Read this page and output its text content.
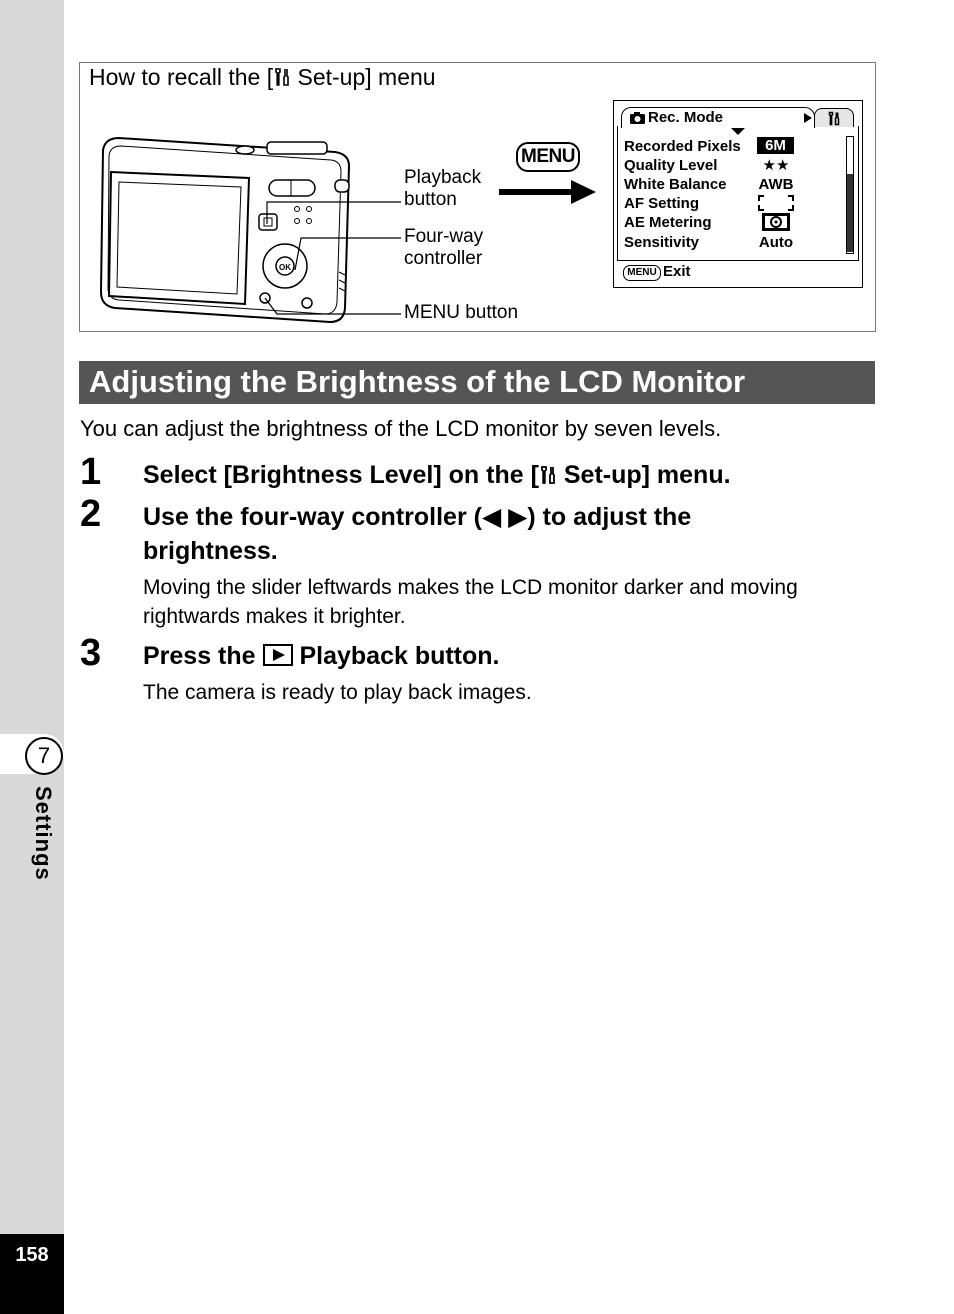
7
Settings
158
How to recall the [ Set-up] menu
OK
Playback
button
Four-way
controller
MENU button
MENU
Rec. Mode
Recorded Pixels
Quality Level
White Balance
AF Setting
AE Metering
Sensitivity
6M
★★
AWB
Auto
MENU Exit
Adjusting the Brightness of the LCD Monitor
You can adjust the brightness of the LCD monitor by seven levels.
1 Select [Brightness Level] on the [ Set-up] menu.
2 Use the four-way controller (◀ ▶) to adjust the
brightness.
Moving the slider leftwards makes the LCD monitor darker and moving
rightwards makes it brighter.
3 Press the  Playback button.
The camera is ready to play back images.
